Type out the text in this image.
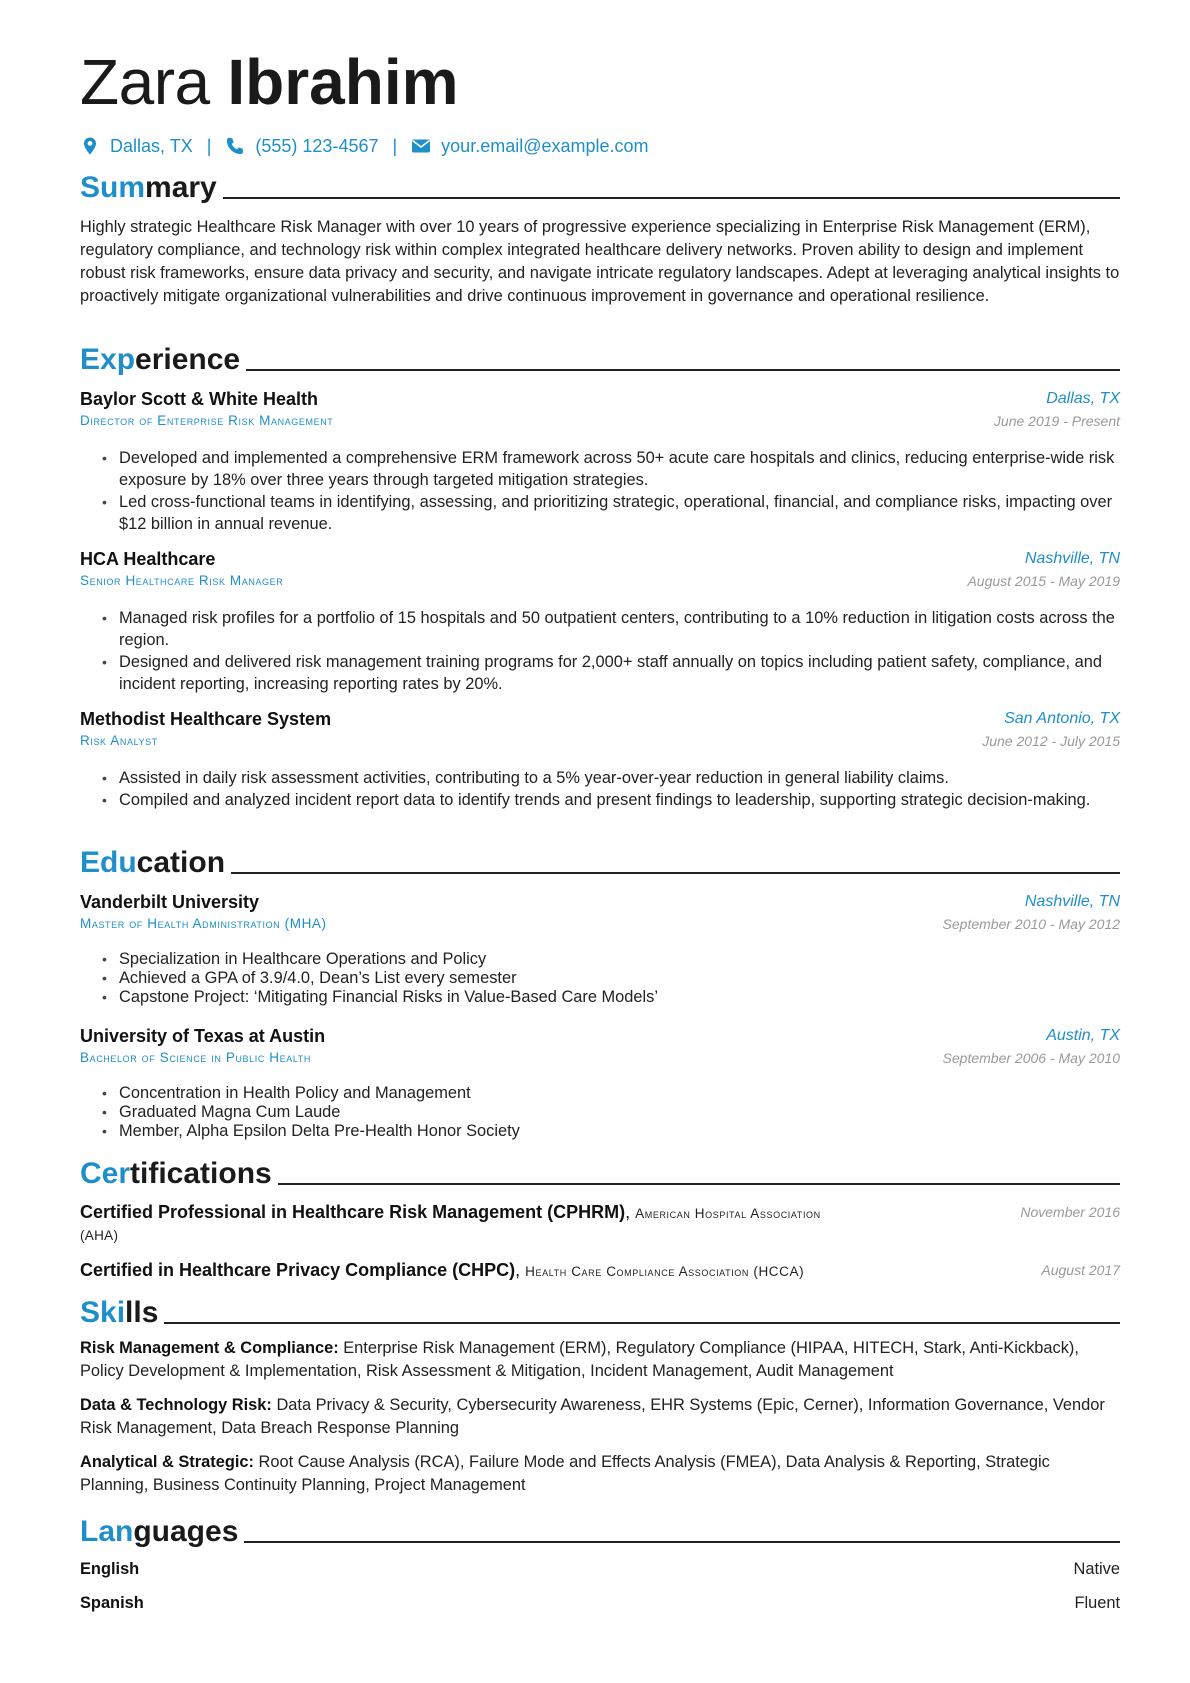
Zara Ibrahim
Dallas, TX | (555) 123-4567 | your.email@example.com
Summary
Highly strategic Healthcare Risk Manager with over 10 years of progressive experience specializing in Enterprise Risk Management (ERM), regulatory compliance, and technology risk within complex integrated healthcare delivery networks. Proven ability to design and implement robust risk frameworks, ensure data privacy and security, and navigate intricate regulatory landscapes. Adept at leveraging analytical insights to proactively mitigate organizational vulnerabilities and drive continuous improvement in governance and operational resilience.
Experience
Baylor Scott & White Health	Dallas, TX
Director of Enterprise Risk Management	June 2019 - Present
• Developed and implemented a comprehensive ERM framework across 50+ acute care hospitals and clinics, reducing enterprise-wide risk exposure by 18% over three years through targeted mitigation strategies.
• Led cross-functional teams in identifying, assessing, and prioritizing strategic, operational, financial, and compliance risks, impacting over $12 billion in annual revenue.
HCA Healthcare	Nashville, TN
Senior Healthcare Risk Manager	August 2015 - May 2019
• Managed risk profiles for a portfolio of 15 hospitals and 50 outpatient centers, contributing to a 10% reduction in litigation costs across the region.
• Designed and delivered risk management training programs for 2,000+ staff annually on topics including patient safety, compliance, and incident reporting, increasing reporting rates by 20%.
Methodist Healthcare System	San Antonio, TX
Risk Analyst	June 2012 - July 2015
• Assisted in daily risk assessment activities, contributing to a 5% year-over-year reduction in general liability claims.
• Compiled and analyzed incident report data to identify trends and present findings to leadership, supporting strategic decision-making.
Education
Vanderbilt University	Nashville, TN
Master of Health Administration (MHA)	September 2010 - May 2012
• Specialization in Healthcare Operations and Policy
• Achieved a GPA of 3.9/4.0, Dean’s List every semester
• Capstone Project: ‘Mitigating Financial Risks in Value-Based Care Models’
University of Texas at Austin	Austin, TX
Bachelor of Science in Public Health	September 2006 - May 2010
• Concentration in Health Policy and Management
• Graduated Magna Cum Laude
• Member, Alpha Epsilon Delta Pre-Health Honor Society
Certifications
Certified Professional in Healthcare Risk Management (CPHRM), American Hospital Association
(AHA)
November 2016
Certified in Healthcare Privacy Compliance (CHPC), Health Care Compliance Association (HCCA)	August 2017
Skills
Risk Management & Compliance: Enterprise Risk Management (ERM), Regulatory Compliance (HIPAA, HITECH, Stark, Anti-Kickback), Policy Development & Implementation, Risk Assessment & Mitigation, Incident Management, Audit Management
Data & Technology Risk: Data Privacy & Security, Cybersecurity Awareness, EHR Systems (Epic, Cerner), Information Governance, Vendor Risk Management, Data Breach Response Planning
Analytical & Strategic: Root Cause Analysis (RCA), Failure Mode and Effects Analysis (FMEA), Data Analysis & Reporting, Strategic Planning, Business Continuity Planning, Project Management
Languages
English	Native
Spanish	Fluent
